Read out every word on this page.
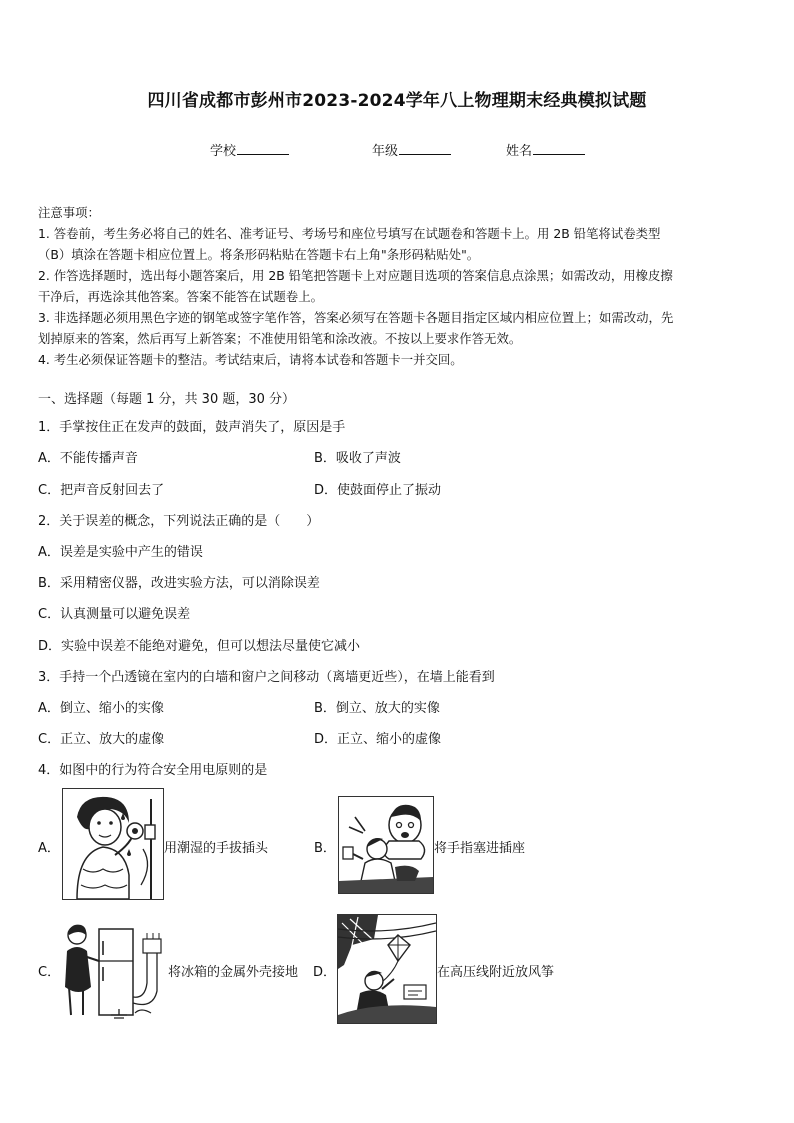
四川省成都市彭州市2023-2024学年八上物理期末经典模拟试题
学校	年级	姓名
注意事项：
1. 答卷前，考生务必将自己的姓名、准考证号、考场号和座位号填写在试题卷和答题卡上。用 2B 铅笔将试卷类型
（B）填涂在答题卡相应位置上。将条形码粘贴在答题卡右上角"条形码粘贴处"。
2. 作答选择题时，选出每小题答案后，用 2B 铅笔把答题卡上对应题目选项的答案信息点涂黑；如需改动，用橡皮擦
干净后，再选涂其他答案。答案不能答在试题卷上。
3. 非选择题必须用黑色字迹的钢笔或签字笔作答，答案必须写在答题卡各题目指定区域内相应位置上；如需改动，先
划掉原来的答案，然后再写上新答案；不准使用铅笔和涂改液。不按以上要求作答无效。
4. 考生必须保证答题卡的整洁。考试结束后，请将本试卷和答题卡一并交回。
一、选择题（每题 1 分，共 30 题，30 分）
1．手掌按住正在发声的鼓面，鼓声消失了，原因是手
A．不能传播声音	B．吸收了声波
C．把声音反射回去了	D．使鼓面停止了振动
2．关于误差的概念，下列说法正确的是（　　）
A．误差是实验中产生的错误
B．采用精密仪器，改进实验方法，可以消除误差
C．认真测量可以避免误差
D．实验中误差不能绝对避免，但可以想法尽量使它减小
3．手持一个凸透镜在室内的白墙和窗户之间移动（离墙更近些），在墙上能看到
A．倒立、缩小的实像	B．倒立、放大的实像
C．正立、放大的虚像	D．正立、缩小的虚像
4．如图中的行为符合安全用电原则的是
A．	用潮湿的手拔插头	B．	将手指塞进插座
C．	将冰箱的金属外壳接地 D．	在高压线附近放风筝
